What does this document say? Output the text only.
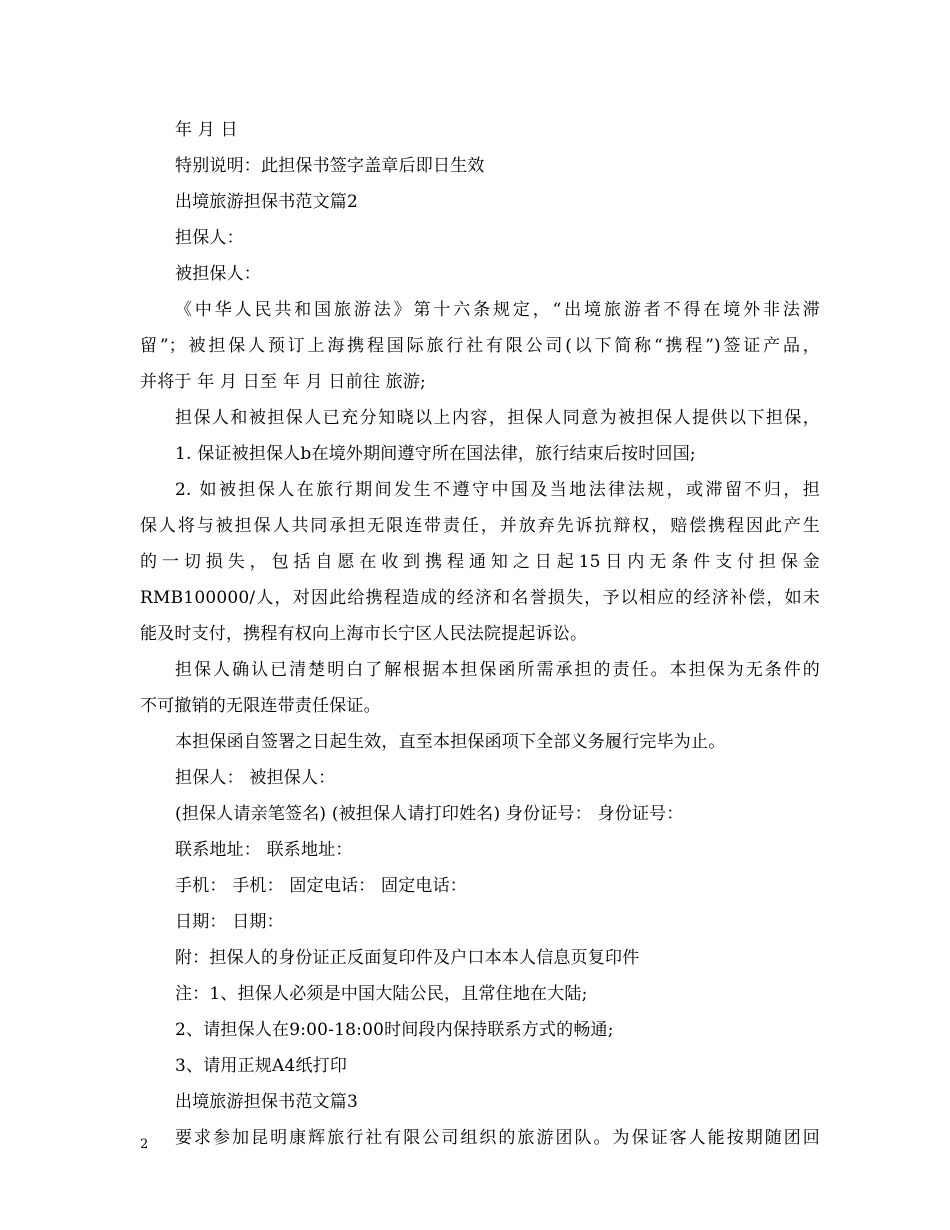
年 月 日
特别说明：此担保书签字盖章后即日生效
出境旅游担保书范文篇2
担保人：
被担保人：
《中华人民共和国旅游法》第十六条规定，“出境旅游者不得在境外非法滞
留”；被担保人预订上海携程国际旅行社有限公司(以下简称“携程”)签证产品，
并将于 年 月 日至 年 月 日前往 旅游;
担保人和被担保人已充分知晓以上内容，担保人同意为被担保人提供以下担保，
1. 保证被担保人b在境外期间遵守所在国法律，旅行结束后按时回国;
2. 如被担保人在旅行期间发生不遵守中国及当地法律法规，或滞留不归，担
保人将与被担保人共同承担无限连带责任，并放弃先诉抗辩权，赔偿携程因此产生
的一切损失，包括自愿在收到携程通知之日起15日内无条件支付担保金
RMB100000/人，对因此给携程造成的经济和名誉损失，予以相应的经济补偿，如未
能及时支付，携程有权向上海市长宁区人民法院提起诉讼。
担保人确认已清楚明白了解根据本担保函所需承担的责任。本担保为无条件的
不可撤销的无限连带责任保证。
本担保函自签署之日起生效，直至本担保函项下全部义务履行完毕为止。
担保人： 被担保人：
(担保人请亲笔签名) (被担保人请打印姓名) 身份证号： 身份证号：
联系地址： 联系地址：
手机： 手机： 固定电话： 固定电话：
日期： 日期：
附：担保人的身份证正反面复印件及户口本本人信息页复印件
注：1、担保人必须是中国大陆公民，且常住地在大陆;
2、请担保人在9:00-18:00时间段内保持联系方式的畅通;
3、请用正规A4纸打印
出境旅游担保书范文篇3
要求参加昆明康辉旅行社有限公司组织的旅游团队。为保证客人能按期随团回
2
